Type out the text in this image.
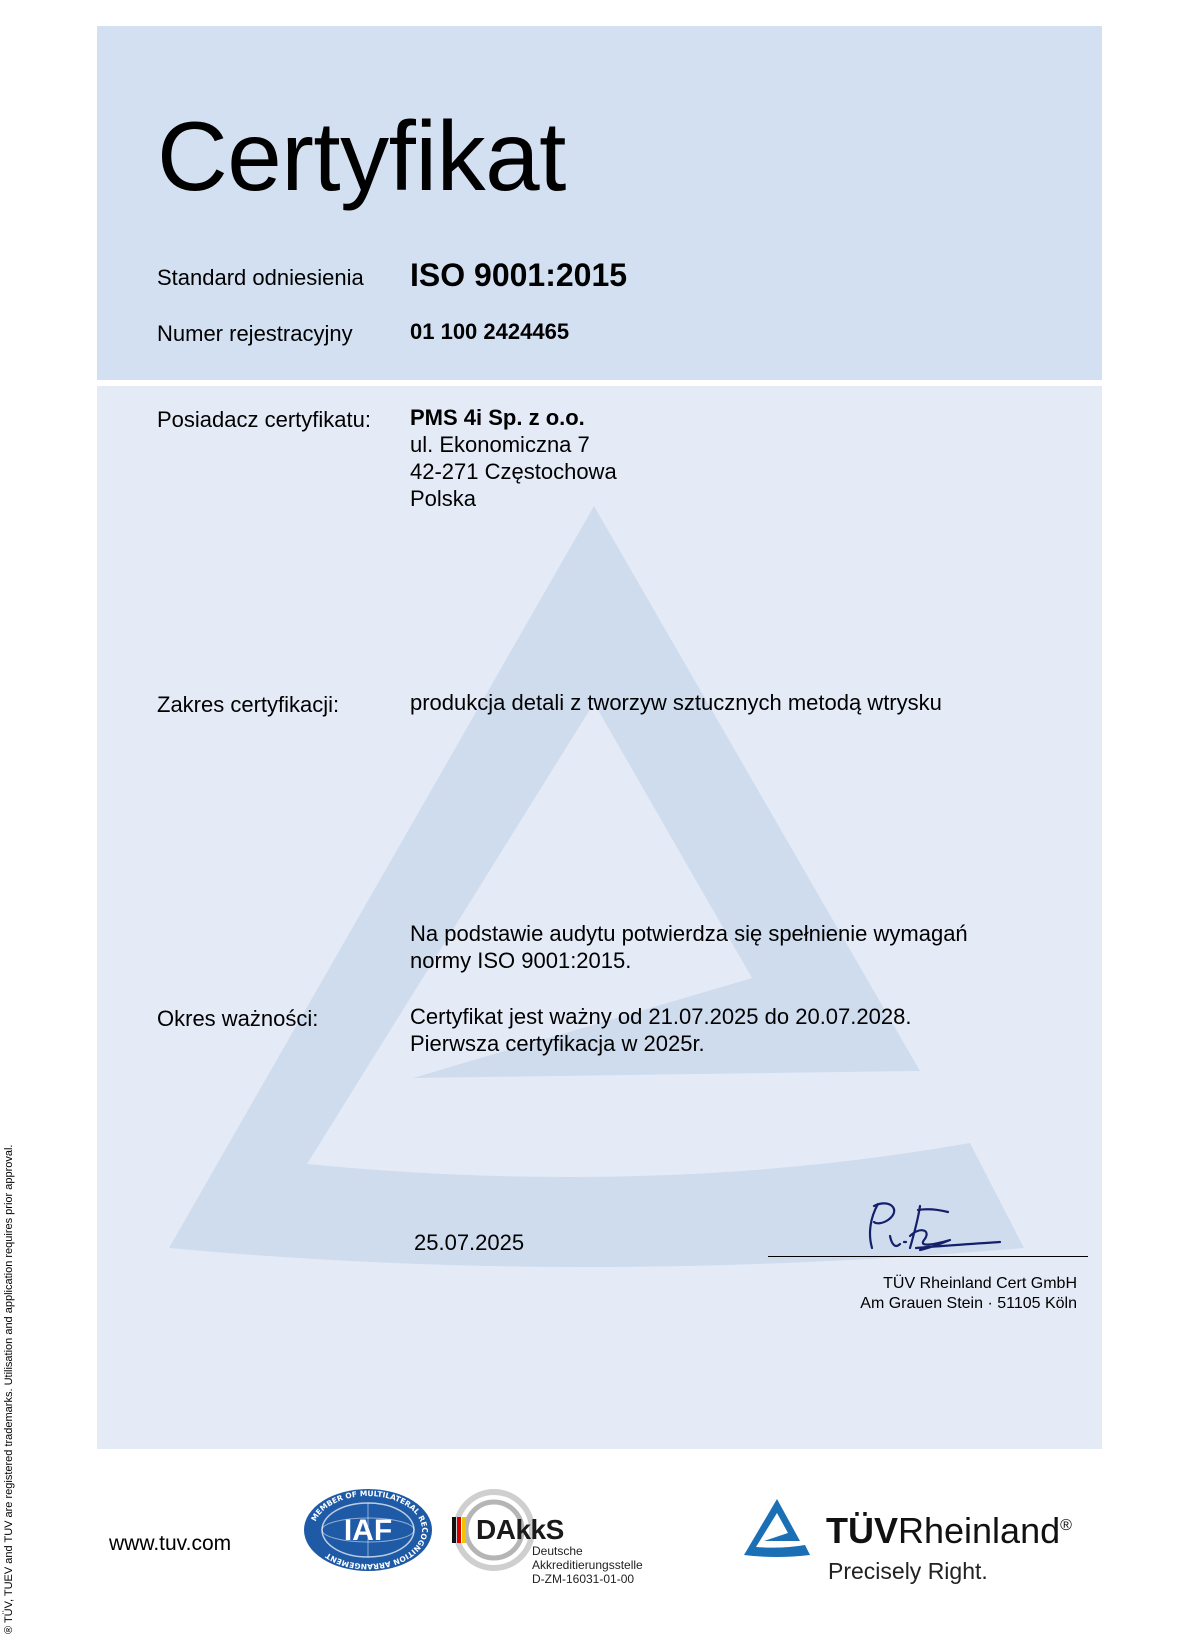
® TÜV, TUEV and TUV are registered trademarks. Utilisation and application requires prior approval.
Certyfikat
Standard odniesienia ISO 9001:2015
Numer rejestracyjny	01 100 2424465
Posiadacz certyfikatu: PMS 4i Sp. z o.o.
ul. Ekonomiczna 7
42-271 Częstochowa
Polska
Zakres certyfikacji:	produkcja detali z tworzyw sztucznych metodą wtrysku
Na podstawie audytu potwierdza się spełnienie wymagań
normy ISO 9001:2015.
Okres ważności:	Certyfikat jest ważny od 21.07.2025 do 20.07.2028.
Pierwsza certyfikacja w 2025r.
25.07.2025
TÜV Rheinland Cert GmbH
Am Grauen Stein · 51105 Köln
www.tuv.com
MEMBER OF MULTILATERAL RECOGNITION ARRANGEMENT
IAF	DAkkS
Deutsche
Akkreditierungsstelle
D-ZM-16031-01-00
TÜVRheinland®
Precisely Right.
